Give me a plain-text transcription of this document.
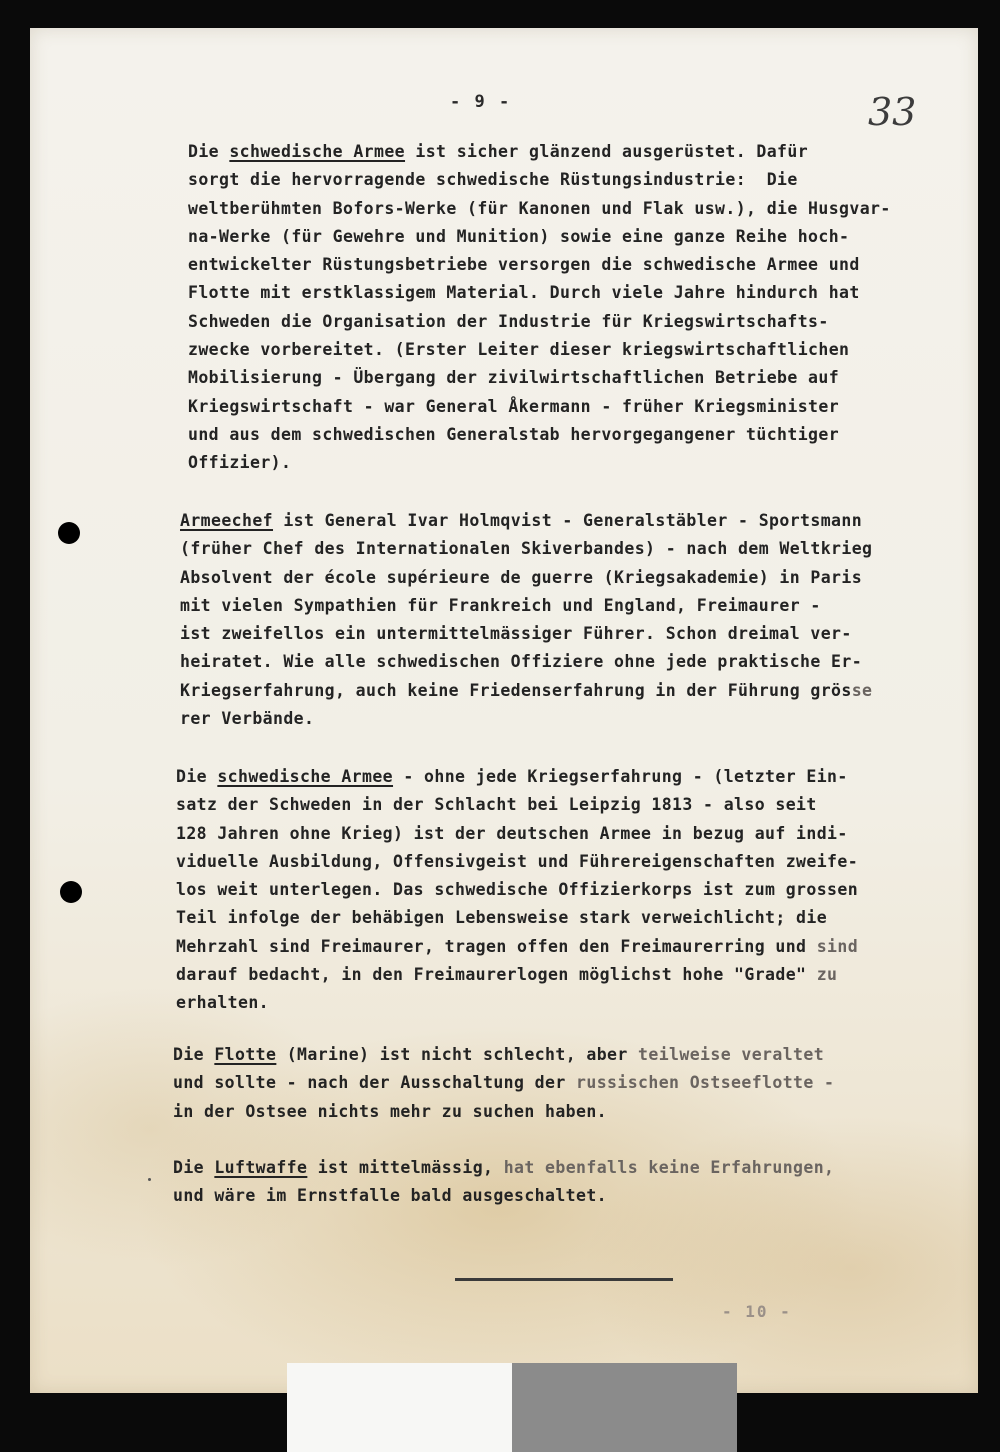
- 9 -	33
Die schwedische Armee ist sicher glänzend ausgerüstet. Dafür
sorgt die hervorragende schwedische Rüstungsindustrie:  Die
weltberühmten Bofors-Werke (für Kanonen und Flak usw.), die Husgvar-
na-Werke (für Gewehre und Munition) sowie eine ganze Reihe hoch-
entwickelter Rüstungsbetriebe versorgen die schwedische Armee und
Flotte mit erstklassigem Material. Durch viele Jahre hindurch hat
Schweden die Organisation der Industrie für Kriegswirtschafts-
zwecke vorbereitet. (Erster Leiter dieser kriegswirtschaftlichen
Mobilisierung - Übergang der zivilwirtschaftlichen Betriebe auf
Kriegswirtschaft - war General Åkermann - früher Kriegsminister
und aus dem schwedischen Generalstab hervorgegangener tüchtiger
Offizier).
Armeechef ist General Ivar Holmqvist - Generalstäbler - Sportsmann
(früher Chef des Internationalen Skiverbandes) - nach dem Weltkrieg
Absolvent der école supérieure de guerre (Kriegsakademie) in Paris
mit vielen Sympathien für Frankreich und England, Freimaurer -
ist zweifellos ein untermittelmässiger Führer. Schon dreimal ver-
heiratet. Wie alle schwedischen Offiziere ohne jede praktische Er-
Kriegserfahrung, auch keine Friedenserfahrung in der Führung grösse
rer Verbände.
Die schwedische Armee - ohne jede Kriegserfahrung - (letzter Ein-
satz der Schweden in der Schlacht bei Leipzig 1813 - also seit
128 Jahren ohne Krieg) ist der deutschen Armee in bezug auf indi-
viduelle Ausbildung, Offensivgeist und Führereigenschaften zweife-
los weit unterlegen. Das schwedische Offizierkorps ist zum grossen
Teil infolge der behäbigen Lebensweise stark verweichlicht; die
Mehrzahl sind Freimaurer, tragen offen den Freimaurerring und sind
darauf bedacht, in den Freimaurerlogen möglichst hohe "Grade" zu
erhalten.
Die Flotte (Marine) ist nicht schlecht, aber teilweise veraltet
und sollte - nach der Ausschaltung der russischen Ostseeflotte -
in der Ostsee nichts mehr zu suchen haben.
Die Luftwaffe ist mittelmässig, hat ebenfalls keine Erfahrungen,
und wäre im Ernstfalle bald ausgeschaltet.
- 10 -
